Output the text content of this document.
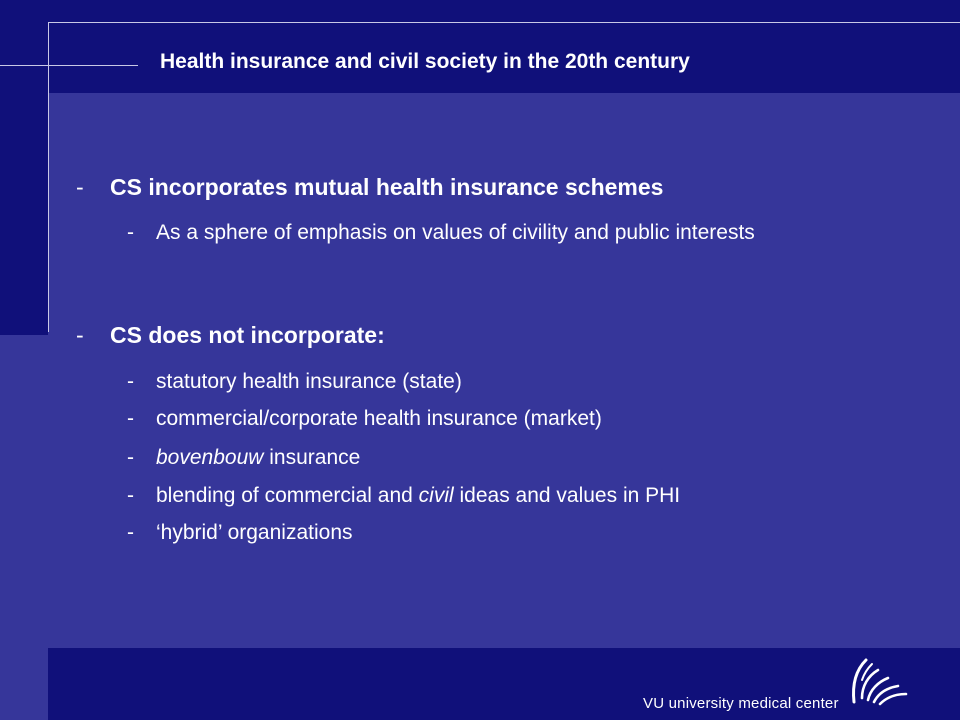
Health insurance and civil society in the 20th century

- CS incorporates mutual health insurance schemes

- As a sphere of emphasis on values of civility and public interests

- CS does not incorporate:

- statutory health insurance (state)

- commercial/corporate health insurance (market)

- bovenbouw insurance

- blending of commercial and civil ideas and values in PHI

- ‘hybrid’ organizations

VU university medical center
